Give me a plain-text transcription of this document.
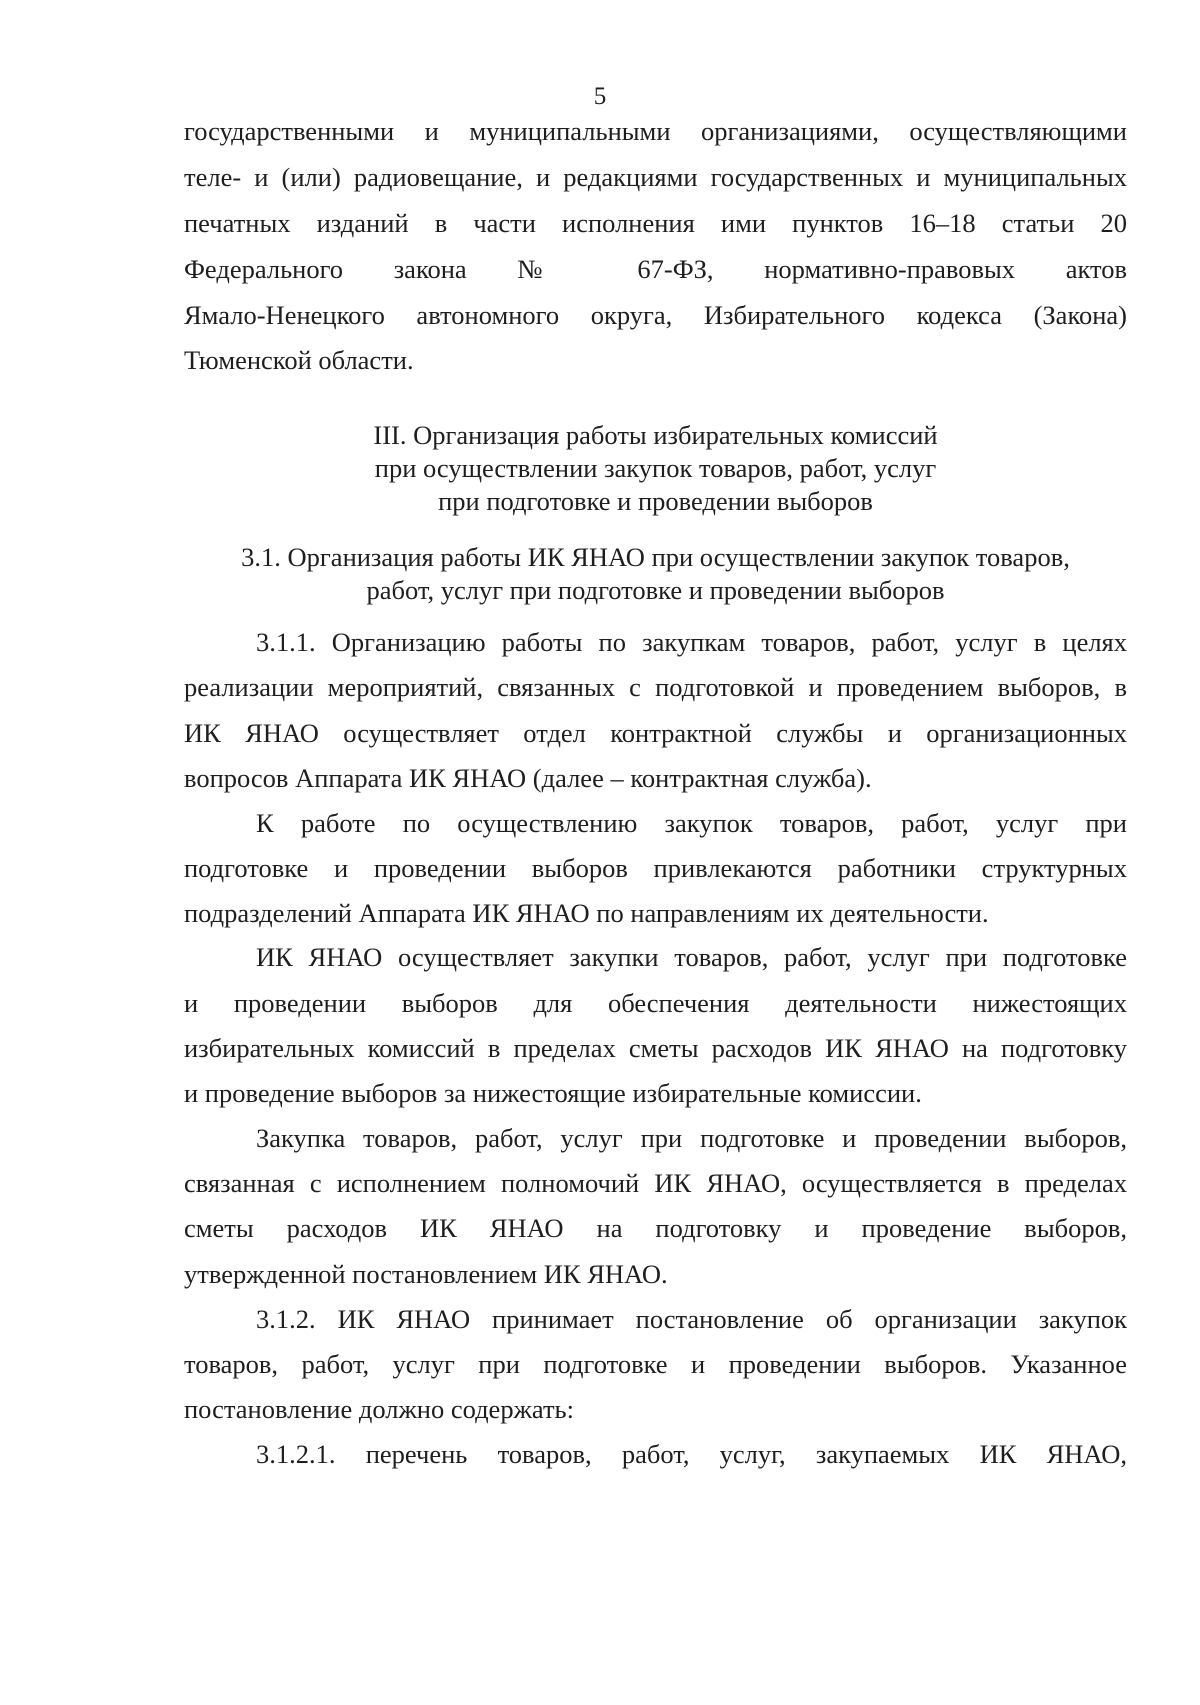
5
государственными и муниципальными организациями, осуществляющими
теле- и (или) радиовещание, и редакциями государственных и муниципальных
печатных изданий в части исполнения ими пунктов 16–18 статьи 20
Федерального закона № 67-ФЗ, нормативно-правовых актов
Ямало-Ненецкого автономного округа, Избирательного кодекса (Закона)
Тюменской области.
III. Организация работы избирательных комиссий
при осуществлении закупок товаров, работ, услуг
при подготовке и проведении выборов
3.1. Организация работы ИК ЯНАО при осуществлении закупок товаров,
работ, услуг при подготовке и проведении выборов
3.1.1. Организацию работы по закупкам товаров, работ, услуг в целях
реализации мероприятий, связанных с подготовкой и проведением выборов, в
ИК ЯНАО осуществляет отдел контрактной службы и организационных
вопросов Аппарата ИК ЯНАО (далее – контрактная служба).
К работе по осуществлению закупок товаров, работ, услуг при
подготовке и проведении выборов привлекаются работники структурных
подразделений Аппарата ИК ЯНАО по направлениям их деятельности.
ИК ЯНАО осуществляет закупки товаров, работ, услуг при подготовке
и проведении выборов для обеспечения деятельности нижестоящих
избирательных комиссий в пределах сметы расходов ИК ЯНАО на подготовку
и проведение выборов за нижестоящие избирательные комиссии.
Закупка товаров, работ, услуг при подготовке и проведении выборов,
связанная с исполнением полномочий ИК ЯНАО, осуществляется в пределах
сметы расходов ИК ЯНАО на подготовку и проведение выборов,
утвержденной постановлением ИК ЯНАО.
3.1.2. ИК ЯНАО принимает постановление об организации закупок
товаров, работ, услуг при подготовке и проведении выборов. Указанное
постановление должно содержать:
3.1.2.1. перечень товаров, работ, услуг, закупаемых ИК ЯНАО,
